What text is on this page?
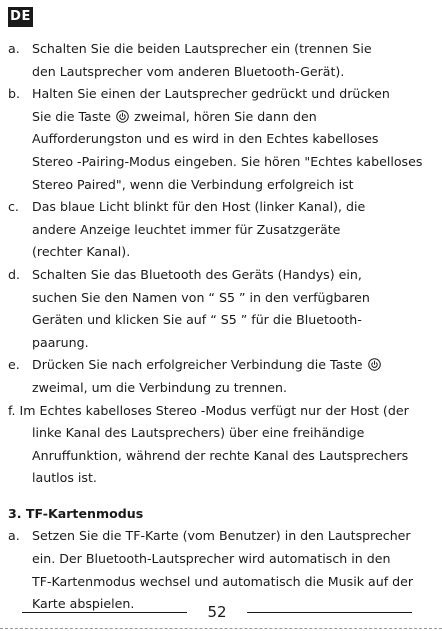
DE
a. Schalten Sie die beiden Lautsprecher ein (trennen Sie
den Lautsprecher vom anderen Bluetooth-Gerät).
b. Halten Sie einen der Lautsprecher gedrückt und drücken
Sie die Taste zweimal, hören Sie dann den
Aufforderungston und es wird in den Echtes kabelloses
Stereo -Pairing-Modus eingeben. Sie hören "Echtes kabelloses
Stereo Paired", wenn die Verbindung erfolgreich ist
c. Das blaue Licht blinkt für den Host (linker Kanal), die
andere Anzeige leuchtet immer für Zusatzgeräte
(rechter Kanal).
d. Schalten Sie das Bluetooth des Geräts (Handys) ein,
suchen Sie den Namen von “ S5 ” in den verfügbaren
Geräten und klicken Sie auf “ S5 ” für die Bluetooth-
paarung.
e. Drücken Sie nach erfolgreicher Verbindung die Taste
zweimal, um die Verbindung zu trennen.
f. Im Echtes kabelloses Stereo -Modus verfügt nur der Host (der
linke Kanal des Lautsprechers) über eine freihändige
Anruffunktion, während der rechte Kanal des Lautsprechers
lautlos ist.
3. TF-Kartenmodus
a. Setzen Sie die TF-Karte (vom Benutzer) in den Lautsprecher
ein. Der Bluetooth-Lautsprecher wird automatisch in den
TF-Kartenmodus wechsel und automatisch die Musik auf der
Karte abspielen.	52
